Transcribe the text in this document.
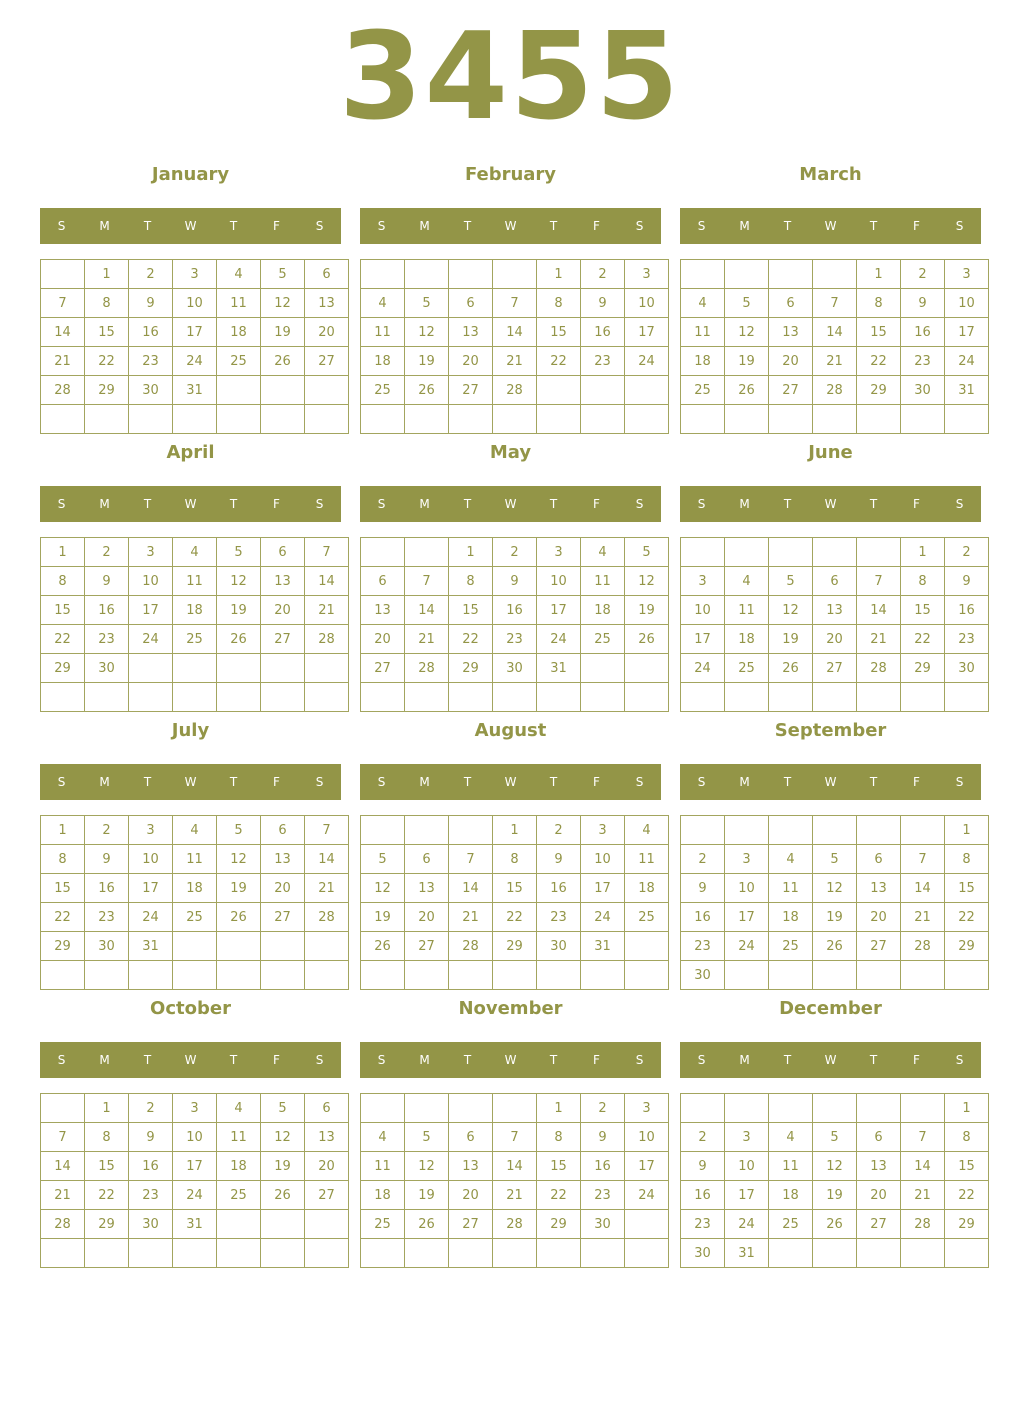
3455
January
S	M	T	W	T	F	S
	1	2	3	4	5	6
7	8	9	10	11	12	13
14	15	16	17	18	19	20
21	22	23	24	25	26	27
28	29	30	31			

February
S	M	T	W	T	F	S
				1	2	3
4	5	6	7	8	9	10
11	12	13	14	15	16	17
18	19	20	21	22	23	24
25	26	27	28			

March
S	M	T	W	T	F	S
				1	2	3
4	5	6	7	8	9	10
11	12	13	14	15	16	17
18	19	20	21	22	23	24
25	26	27	28	29	30	31

April
S	M	T	W	T	F	S
1	2	3	4	5	6	7
8	9	10	11	12	13	14
15	16	17	18	19	20	21
22	23	24	25	26	27	28
29	30					

May
S	M	T	W	T	F	S
		1	2	3	4	5
6	7	8	9	10	11	12
13	14	15	16	17	18	19
20	21	22	23	24	25	26
27	28	29	30	31		

June
S	M	T	W	T	F	S
					1	2
3	4	5	6	7	8	9
10	11	12	13	14	15	16
17	18	19	20	21	22	23
24	25	26	27	28	29	30

July
S	M	T	W	T	F	S
1	2	3	4	5	6	7
8	9	10	11	12	13	14
15	16	17	18	19	20	21
22	23	24	25	26	27	28
29	30	31				

August
S	M	T	W	T	F	S
			1	2	3	4
5	6	7	8	9	10	11
12	13	14	15	16	17	18
19	20	21	22	23	24	25
26	27	28	29	30	31	

September
S	M	T	W	T	F	S
						1
2	3	4	5	6	7	8
9	10	11	12	13	14	15
16	17	18	19	20	21	22
23	24	25	26	27	28	29
30						
October
S	M	T	W	T	F	S
	1	2	3	4	5	6
7	8	9	10	11	12	13
14	15	16	17	18	19	20
21	22	23	24	25	26	27
28	29	30	31			

November
S	M	T	W	T	F	S
				1	2	3
4	5	6	7	8	9	10
11	12	13	14	15	16	17
18	19	20	21	22	23	24
25	26	27	28	29	30	

December
S	M	T	W	T	F	S
						1
2	3	4	5	6	7	8
9	10	11	12	13	14	15
16	17	18	19	20	21	22
23	24	25	26	27	28	29
30	31					
